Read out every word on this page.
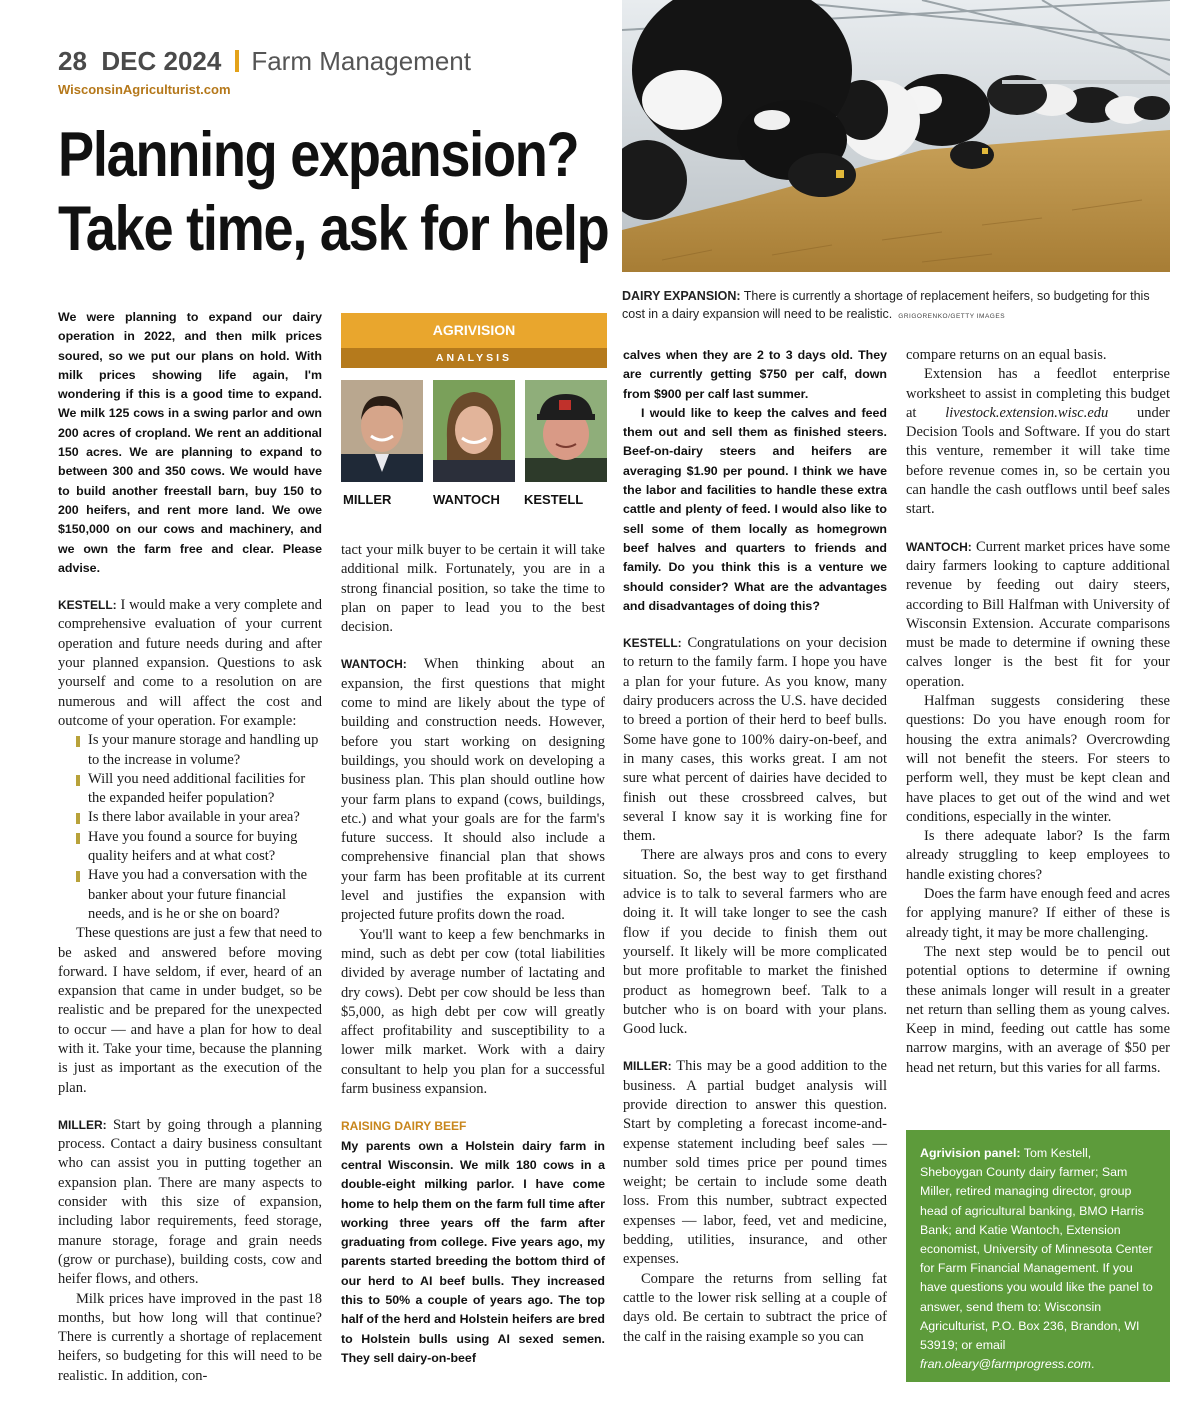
28 DEC 2024 Farm Management
WisconsinAgriculturist.com
Planning expansion?
Take time, ask for help
DAIRY EXPANSION: There is currently a shortage of replacement heifers, so budgeting for this cost in a dairy expansion will need to be realistic. GRIGORENKO/GETTY IMAGES
AGRIVISION
ANALYSIS
MILLER	WANTOCH KESTELL

We were planning to expand our dairy operation in 2022, and then milk prices soured, so we put our plans on hold. With milk prices showing life again, I'm wondering if this is a good time to expand. We milk 125 cows in a swing parlor and own 200 acres of cropland. We rent an additional 150 acres. We are planning to expand to between 300 and 350 cows. We would have to build another freestall barn, buy 150 to 200 heifers, and rent more land. We owe $150,000 on our cows and machinery, and we own the farm free and clear. Please advise.

KESTELL: I would make a very complete and comprehensive evaluation of your current operation and future needs during and after your planned expansion. Questions to ask yourself and come to a resolution on are numerous and will affect the cost and outcome of your operation. For example:

Is your manure storage and handling up to the increase in volume?
Will you need additional facilities for the expanded heifer population?
Is there labor available in your area?
Have you found a source for buying quality heifers and at what cost?
Have you had a conversation with the banker about your future financial needs, and is he or she on board?

These questions are just a few that need to be asked and answered before moving forward. I have seldom, if ever, heard of an expansion that came in under budget, so be realistic and be prepared for the unexpected to occur — and have a plan for how to deal with it. Take your time, because the planning is just as important as the execution of the plan.

MILLER: Start by going through a planning process. Contact a dairy business consultant who can assist you in putting together an expansion plan. There are many aspects to consider with this size of expansion, including labor requirements, feed storage, manure storage, forage and grain needs (grow or purchase), building costs, cow and heifer flows, and others.

Milk prices have improved in the past 18 months, but how long will that continue? There is currently a shortage of replacement heifers, so budgeting for this will need to be realistic. In addition, con-

tact your milk buyer to be certain it will take additional milk. Fortunately, you are in a strong financial position, so take the time to plan on paper to lead you to the best decision.

WANTOCH: When thinking about an expansion, the first questions that might come to mind are likely about the type of building and construction needs. However, before you start working on designing buildings, you should work on developing a business plan. This plan should outline how your farm plans to expand (cows, buildings, etc.) and what your goals are for the farm's future success. It should also include a comprehensive financial plan that shows your farm has been profitable at its current level and justifies the expansion with projected future profits down the road.

You'll want to keep a few benchmarks in mind, such as debt per cow (total liabilities divided by average number of lactating and dry cows). Debt per cow should be less than $5,000, as high debt per cow will greatly affect profitability and susceptibility to a lower milk market. Work with a dairy consultant to help you plan for a successful farm business expansion.

RAISING DAIRY BEEF

My parents own a Holstein dairy farm in central Wisconsin. We milk 180 cows in a double-eight milking parlor. I have come home to help them on the farm full time after working three years off the farm after graduating from college. Five years ago, my parents started breeding the bottom third of our herd to AI beef bulls. They increased this to 50% a couple of years ago. The top half of the herd and Holstein heifers are bred to Holstein bulls using AI sexed semen. They sell dairy-on-beef

calves when they are 2 to 3 days old. They are currently getting $750 per calf, down from $900 per calf last summer.

I would like to keep the calves and feed them out and sell them as finished steers. Beef-on-dairy steers and heifers are averaging $1.90 per pound. I think we have the labor and facilities to handle these extra cattle and plenty of feed. I would also like to sell some of them locally as homegrown beef halves and quarters to friends and family. Do you think this is a venture we should consider? What are the advantages and disadvantages of doing this?

KESTELL: Congratulations on your decision to return to the family farm. I hope you have a plan for your future. As you know, many dairy producers across the U.S. have decided to breed a portion of their herd to beef bulls. Some have gone to 100% dairy-on-beef, and in many cases, this works great. I am not sure what percent of dairies have decided to finish out these crossbreed calves, but several I know say it is working fine for them.

There are always pros and cons to every situation. So, the best way to get firsthand advice is to talk to several farmers who are doing it. It will take longer to see the cash flow if you decide to finish them out yourself. It likely will be more complicated but more profitable to market the finished product as homegrown beef. Talk to a butcher who is on board with your plans. Good luck.

MILLER: This may be a good addition to the business. A partial budget analysis will provide direction to answer this question. Start by completing a forecast income-and-expense statement including beef sales — number sold times price per pound times weight; be certain to include some death loss. From this number, subtract expected expenses — labor, feed, vet and medicine, bedding, utilities, insurance, and other expenses.

Compare the returns from selling fat cattle to the lower risk selling at a couple of days old. Be certain to subtract the price of the calf in the raising example so you can

compare returns on an equal basis.

Extension has a feedlot enterprise worksheet to assist in completing this budget at livestock.extension.wisc.edu under Decision Tools and Software. If you do start this venture, remember it will take time before revenue comes in, so be certain you can handle the cash outflows until beef sales start.

WANTOCH: Current market prices have some dairy farmers looking to capture additional revenue by feeding out dairy steers, according to Bill Halfman with University of Wisconsin Extension. Accurate comparisons must be made to determine if owning these calves longer is the best fit for your operation.

Halfman suggests considering these questions: Do you have enough room for housing the extra animals? Overcrowding will not benefit the steers. For steers to perform well, they must be kept clean and have places to get out of the wind and wet conditions, especially in the winter.

Is there adequate labor? Is the farm already struggling to keep employees to handle existing chores?

Does the farm have enough feed and acres for applying manure? If either of these is already tight, it may be more challenging.

The next step would be to pencil out potential options to determine if owning these animals longer will result in a greater net return than selling them as young calves. Keep in mind, feeding out cattle has some narrow margins, with an average of $50 per head net return, but this varies for all farms.

Agrivision panel: Tom Kestell, Sheboygan County dairy farmer; Sam Miller, retired managing director, group head of agricultural banking, BMO Harris Bank; and Katie Wantoch, Extension economist, University of Minnesota Center for Farm Financial Management. If you have questions you would like the panel to answer, send them to: Wisconsin Agriculturist, P.O. Box 236, Brandon, WI 53919; or email fran.oleary@farmprogress.com.
